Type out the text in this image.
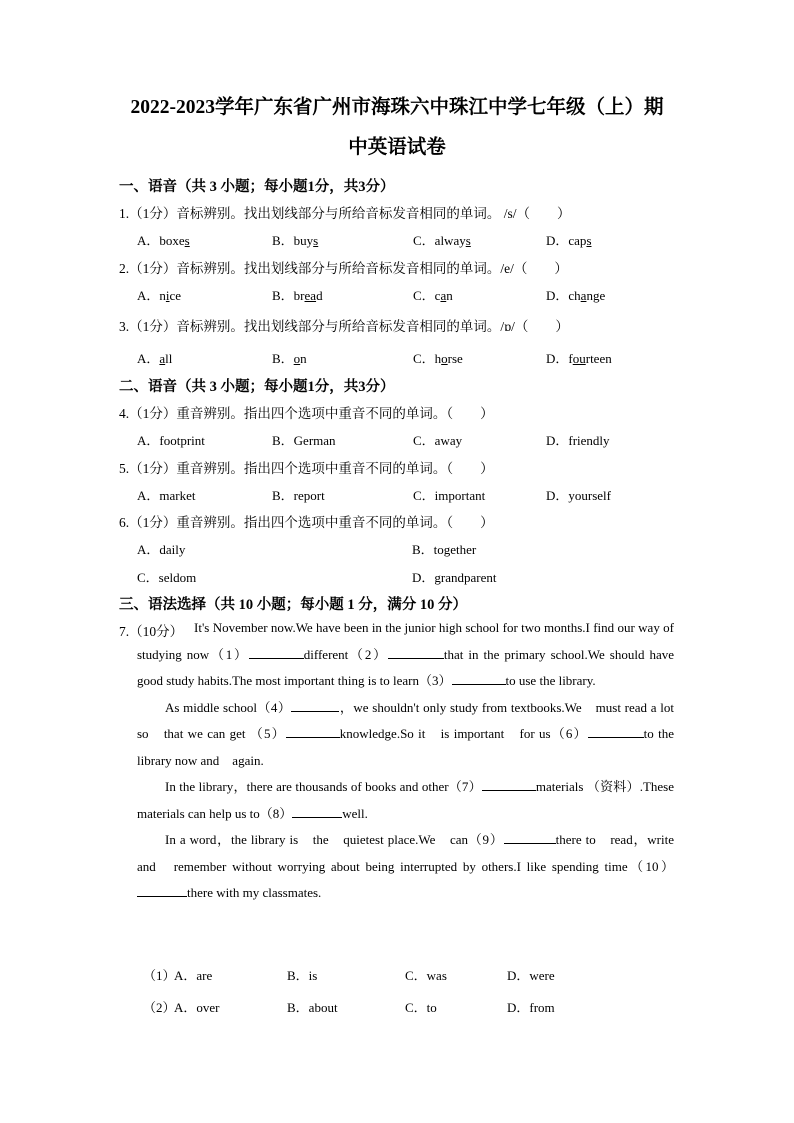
2022-2023学年广东省广州市海珠六中珠江中学七年级（上）期
中英语试卷
一、语音（共 3 小题；每小题1分，共3分）
1.（1分）音标辨别。找出划线部分与所给音标发音相同的单词。 /s/（　　）
A．boxes	B．buys	C．always	D．caps
2.（1分）音标辨别。找出划线部分与所给音标发音相同的单词。/e/（　　）
A．nice	B．bread	C．can	D．change
3.（1分）音标辨别。找出划线部分与所给音标发音相同的单词。/ɒ/（　　）
A．all	B．on	C．horse	D．fourteen
二、语音（共 3 小题；每小题1分，共3分）
4.（1分）重音辨别。指出四个选项中重音不同的单词。（　　）
A．footprint	B．German	C．away	D．friendly
5.（1分）重音辨别。指出四个选项中重音不同的单词。（　　）
A．market	B．report	C．important	D．yourself
6.（1分）重音辨别。指出四个选项中重音不同的单词。（　　）
A．daily	B．together
C．seldom	D．grandparent
三、语法选择（共 10 小题；每小题 1 分，满分 10 分）
7.（10分） It's November now.We have been in the junior high school for two months.I find our way of studying now（1）	different（2）	that in the primary school.We should have good study habits.The most important thing is to learn（3）	to use the library.

As middle school（4）	，we shouldn't only study from textbooks.We　must read a lot so　that we can get （5）	knowledge.So it　is important　for us（6）	to the library now and　again.

In the library，there are thousands of books and other（7）	materials （资料）.These materials can help us to（8）	well.

In a word，the library is　the　quietest place.We　can（9）	there to　read，write　and　remember without worrying about being interrupted by others.I like spending time（10）there with my classmates.

（1）
A．are	B．is	C．was	D．were
（2）
A．over	B．about	C．to	D．from
